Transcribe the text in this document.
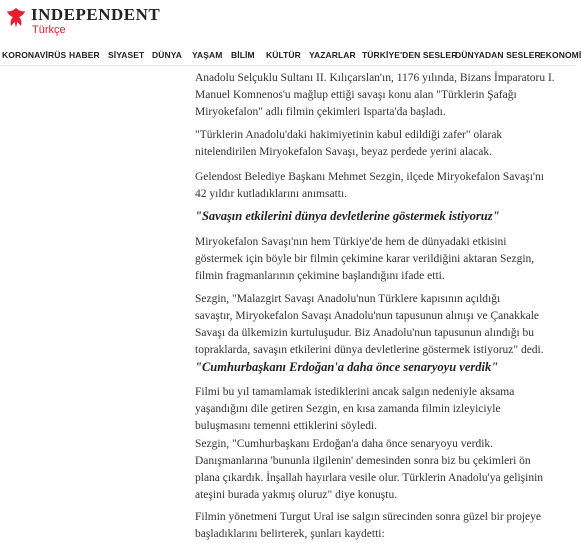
INDEPENDENT
Türkçe
KORONAVİRÜS HABER SİYASET DÜNYA YAŞAM BİLİM KÜLTÜR YAZARLAR TÜRKİYE'DEN SESLER
DÜNYADAN SESLER EKONOMİ
Anadolu Selçuklu Sultanı II. Kılıçarslan'ın, 1176 yılında, Bizans İmparatoru I.
Manuel Komnenos'u mağlup ettiği savaşı konu alan "Türklerin Şafağı
Miryokefalon" adlı filmin çekimleri Isparta'da başladı.
"Türklerin Anadolu'daki hakimiyetinin kabul edildiği zafer" olarak
nitelendirilen Miryokefalon Savaşı, beyaz perdede yerini alacak.
Gelendost Belediye Başkanı Mehmet Sezgin, ilçede Miryokefalon Savaşı'nı
42 yıldır kutladıklarını anımsattı.
"Savaşın etkilerini dünya devletlerine göstermek istiyoruz"
Miryokefalon Savaşı'nın hem Türkiye'de hem de dünyadaki etkisini
göstermek için böyle bir filmin çekimine karar verildiğini aktaran Sezgin,
filmin fragmanlarının çekimine başlandığını ifade etti.
Sezgin, "Malazgirt Savaşı Anadolu'nun Türklere kapısının açıldığı
savaştır, Miryokefalon Savaşı Anadolu'nun tapusunun alınışı ve Çanakkale
Savaşı da ülkemizin kurtuluşudur. Biz Anadolu'nun tapusunun alındığı bu
topraklarda, savaşın etkilerini dünya devletlerine göstermek istiyoruz" dedi.
"Cumhurbaşkanı Erdoğan'a daha önce senaryoyu verdik"
Filmi bu yıl tamamlamak istediklerini ancak salgın nedeniyle aksama
yaşandığını dile getiren Sezgin, en kısa zamanda filmin izleyiciyle
buluşmasını temenni ettiklerini söyledi.
Sezgin, "Cumhurbaşkanı Erdoğan'a daha önce senaryoyu verdik.
Danışmanlarına 'bununla ilgilenin' demesinden sonra biz bu çekimleri ön
plana çıkardık. İnşallah hayırlara vesile olur. Türklerin Anadolu'ya gelişinin
ateşini burada yakmış oluruz" diye konuştu.
Filmin yönetmeni Turgut Ural ise salgın sürecinden sonra güzel bir projeye
başladıklarını belirterek, şunları kaydetti:
